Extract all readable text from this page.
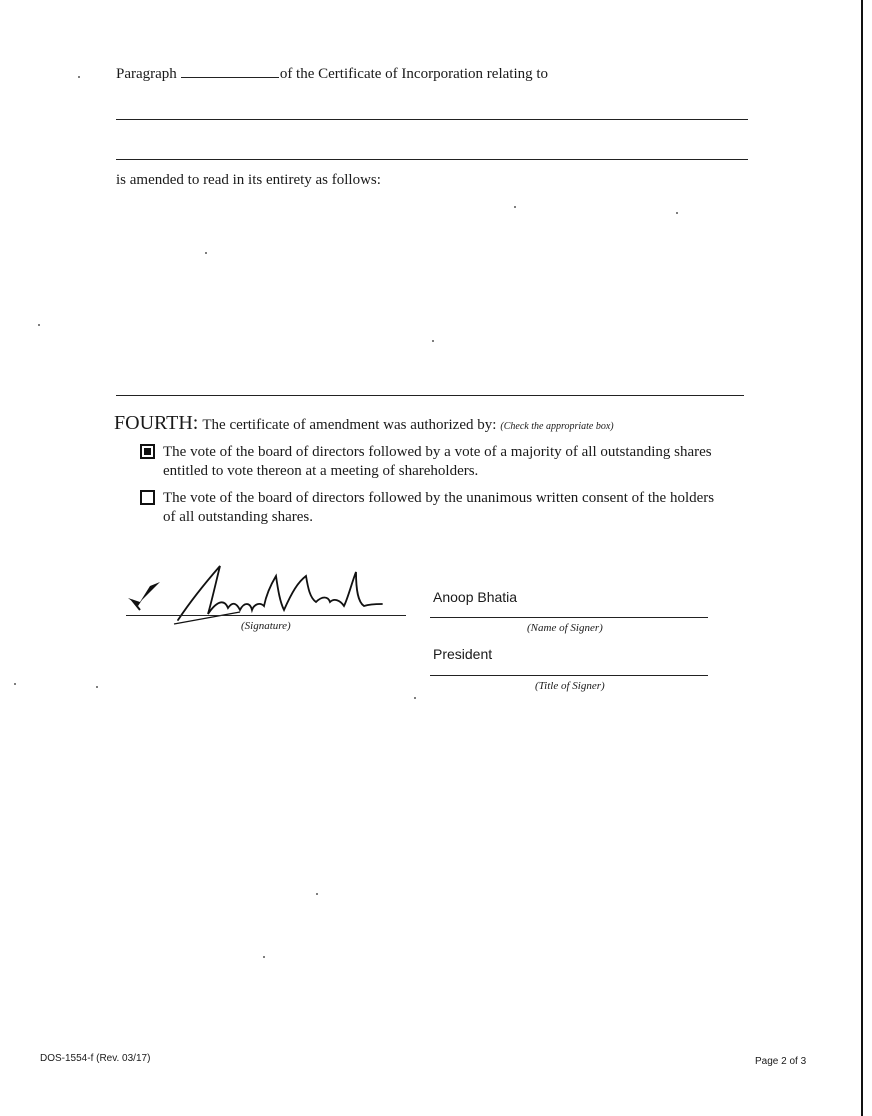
Paragraph	of the Certificate of Incorporation relating to
is amended to read in its entirety as follows:
FOURTH: The certificate of amendment was authorized by: (Check the appropriate box)
The vote of the board of directors followed by a vote of a majority of all outstanding shares entitled to vote thereon at a meeting of shareholders.
The vote of the board of directors followed by the unanimous written consent of the holders of all outstanding shares.
(Signature)
Anoop Bhatia
(Name of Signer)
President
(Title of Signer)
DOS-1554-f (Rev. 03/17)	Page 2 of 3
